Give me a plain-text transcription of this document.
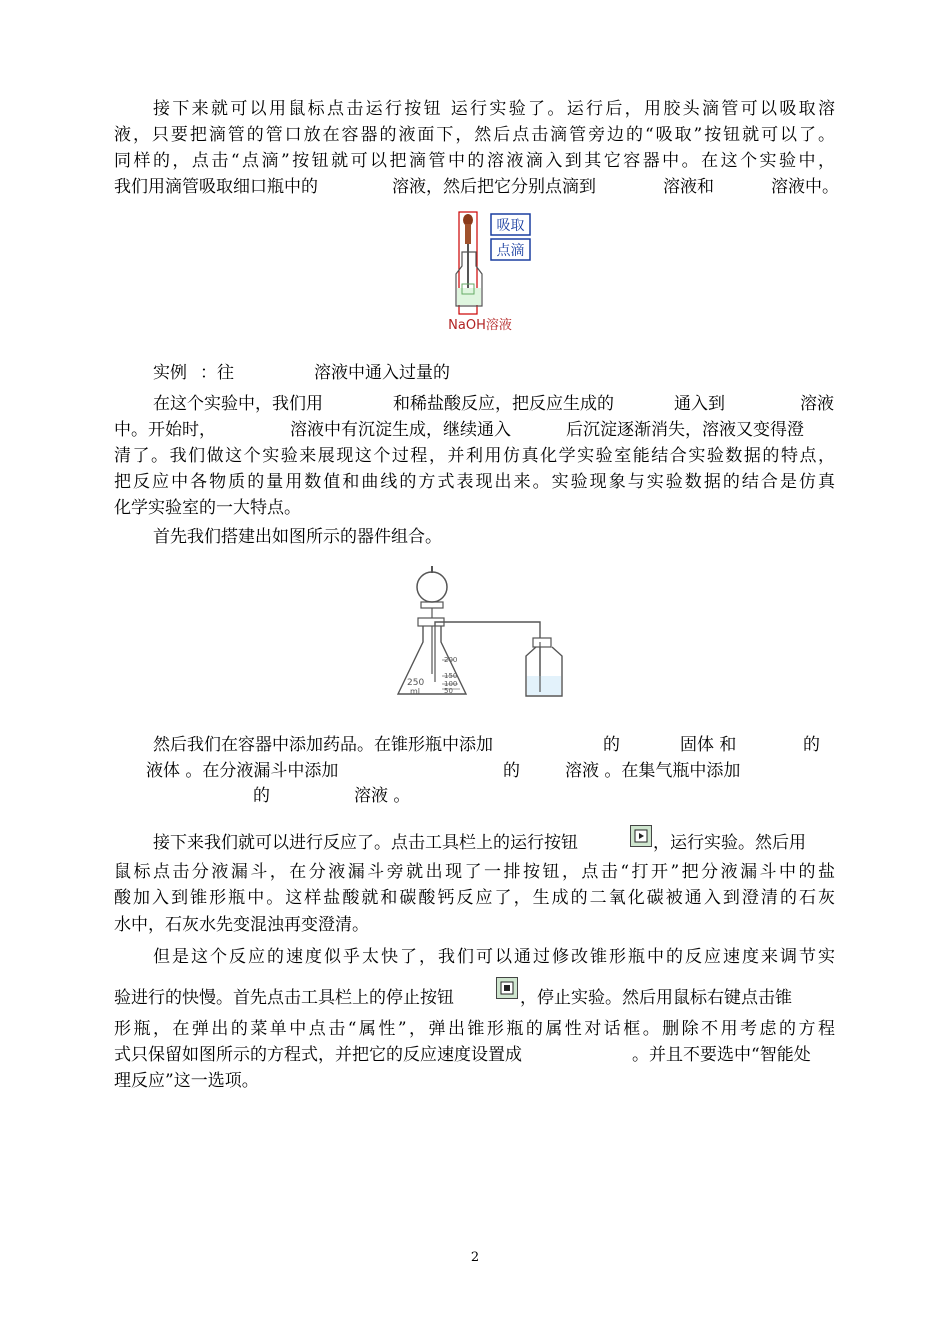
接下来就可以用鼠标点击运行按钮 运行实验了。运行后，用胶头滴管可以吸取溶
液，只要把滴管的管口放在容器的液面下，然后点击滴管旁边的“吸取”按钮就可以了。
同样的，点击“点滴”按钮就可以把滴管中的溶液滴入到其它容器中。在这个实验中，
我们用滴管吸取细口瓶中的	溶液，然后把它分别点滴到	溶液和	溶液中。
吸取
点滴
NaOH溶液
实例 ：往	溶液中通入过量的
在这个实验中，我们用	和稀盐酸反应，把反应生成的	通入到	溶液
中。开始时，	溶液中有沉淀生成，继续通入	后沉淀逐渐消失，溶液又变得澄
清了。我们做这个实验来展现这个过程，并利用仿真化学实验室能结合实验数据的特点，
把反应中各物质的量用数值和曲线的方式表现出来。实验现象与实验数据的结合是仿真
化学实验室的一大特点。
首先我们搭建出如图所示的器件组合。
200
150
100
50
250
ml
然后我们在容器中添加药品。在锥形瓶中添加	的	固体 和	的
液体 。在分液漏斗中添加	的	溶液 。在集气瓶中添加
的	溶液 。
接下来我们就可以进行反应了。点击工具栏上的运行按钮	，运行实验。然后用
鼠标点击分液漏斗，在分液漏斗旁就出现了一排按钮，点击“打开”把分液漏斗中的盐
酸加入到锥形瓶中。这样盐酸就和碳酸钙反应了，生成的二氧化碳被通入到澄清的石灰
水中，石灰水先变混浊再变澄清。
但是这个反应的速度似乎太快了，我们可以通过修改锥形瓶中的反应速度来调节实
验进行的快慢。首先点击工具栏上的停止按钮	，停止实验。然后用鼠标右键点击锥
形瓶，在弹出的菜单中点击“属性”，弹出锥形瓶的属性对话框。删除不用考虑的方程
式只保留如图所示的方程式，并把它的反应速度设置成	。并且不要选中“智能处
理反应”这一选项。
2
